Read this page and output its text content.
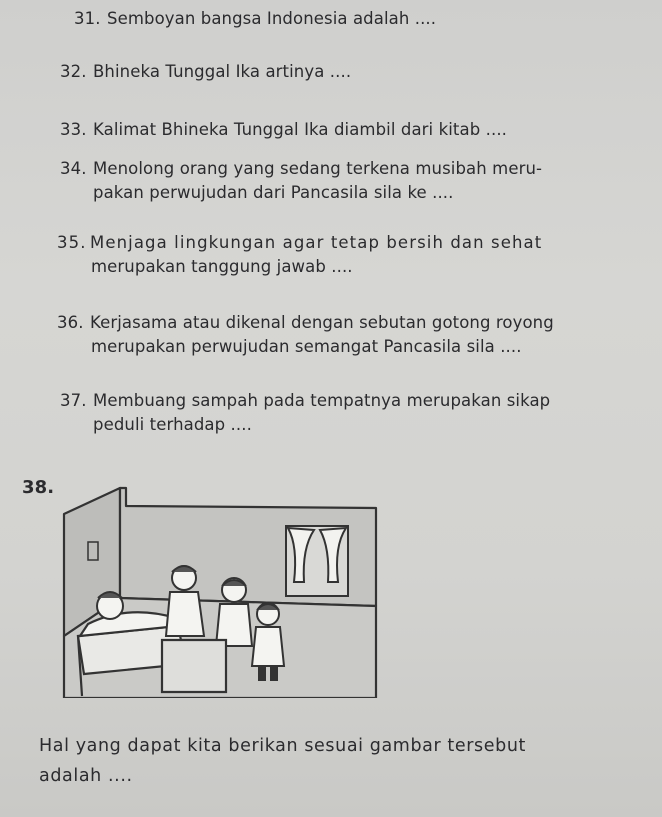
31. Semboyan bangsa Indonesia adalah ....
32. Bhineka Tunggal Ika artinya ....
33. Kalimat Bhineka Tunggal Ika diambil dari kitab ....
34. Menolong orang yang sedang terkena musibah meru-
pakan perwujudan dari Pancasila sila ke ....
35. Menjaga lingkungan agar tetap bersih dan sehat
merupakan tanggung jawab ....
36. Kerjasama atau dikenal dengan sebutan gotong royong
merupakan perwujudan semangat Pancasila sila ....
37. Membuang sampah pada tempatnya merupakan sikap
peduli terhadap ....
38.
Hal yang dapat kita berikan sesuai gambar tersebut
adalah ....
